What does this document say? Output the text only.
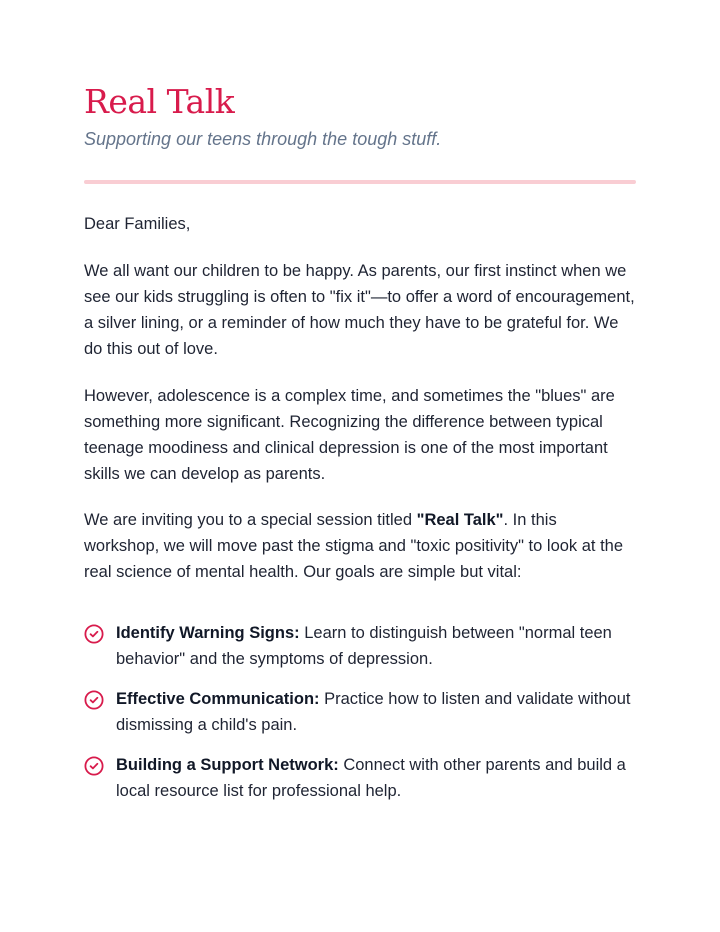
Real Talk

Supporting our teens through the tough stuff.

Dear Families,

We all want our children to be happy. As parents, our first instinct when we see our kids struggling is often to "fix it"—to offer a word of encouragement, a silver lining, or a reminder of how much they have to be grateful for. We do this out of love.

However, adolescence is a complex time, and sometimes the "blues" are something more significant. Recognizing the difference between typical teenage moodiness and clinical depression is one of the most important skills we can develop as parents.

We are inviting you to a special session titled "Real Talk". In this workshop, we will move past the stigma and "toxic positivity" to look at the real science of mental health. Our goals are simple but vital:

Identify Warning Signs: Learn to distinguish between "normal teen behavior" and the symptoms of depression.
Effective Communication: Practice how to listen and validate without dismissing a child's pain.
Building a Support Network: Connect with other parents and build a local resource list for professional help.
